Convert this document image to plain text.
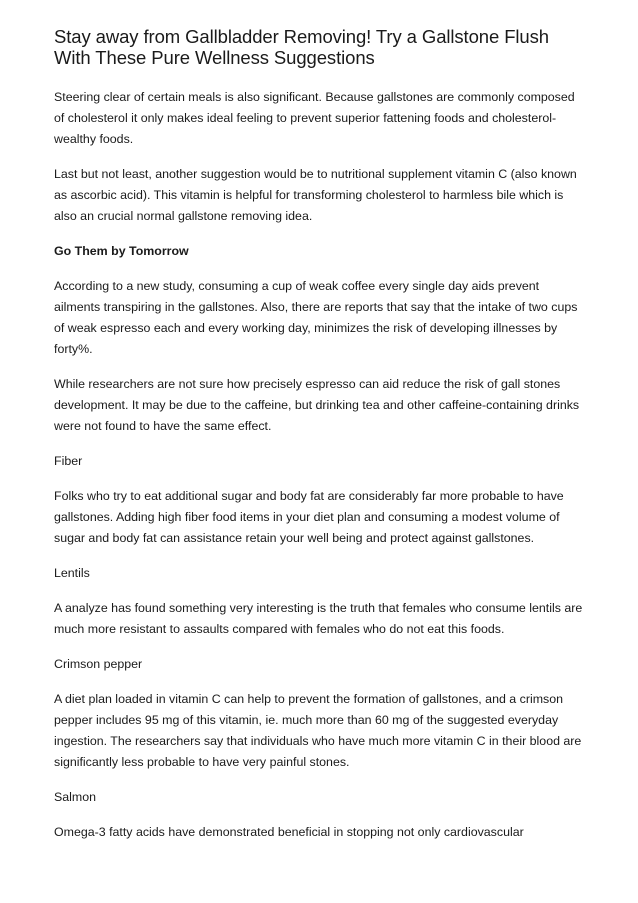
Stay away from Gallbladder Removing! Try a Gallstone Flush With These Pure Wellness Suggestions

Steering clear of certain meals is also significant. Because gallstones are commonly composed of cholesterol it only makes ideal feeling to prevent superior fattening foods and cholesterol-wealthy foods.

Last but not least, another suggestion would be to nutritional supplement vitamin C (also known as ascorbic acid). This vitamin is helpful for transforming cholesterol to harmless bile which is also an crucial normal gallstone removing idea.

Go Them by Tomorrow

According to a new study, consuming a cup of weak coffee every single day aids prevent ailments transpiring in the gallstones. Also, there are reports that say that the intake of two cups of weak espresso each and every working day, minimizes the risk of developing illnesses by forty%.

While researchers are not sure how precisely espresso can aid reduce the risk of gall stones development. It may be due to the caffeine, but drinking tea and other caffeine-containing drinks were not found to have the same effect.

Fiber

Folks who try to eat additional sugar and body fat are considerably far more probable to have gallstones. Adding high fiber food items in your diet plan and consuming a modest volume of sugar and body fat can assistance retain your well being and protect against gallstones.

Lentils

A analyze has found something very interesting is the truth that females who consume lentils are much more resistant to assaults compared with females who do not eat this foods.

Crimson pepper

A diet plan loaded in vitamin C can help to prevent the formation of gallstones, and a crimson pepper includes 95 mg of this vitamin, ie. much more than 60 mg of the suggested everyday ingestion. The researchers say that individuals who have much more vitamin C in their blood are significantly less probable to have very painful stones.

Salmon

Omega-3 fatty acids have demonstrated beneficial in stopping not only cardiovascular
